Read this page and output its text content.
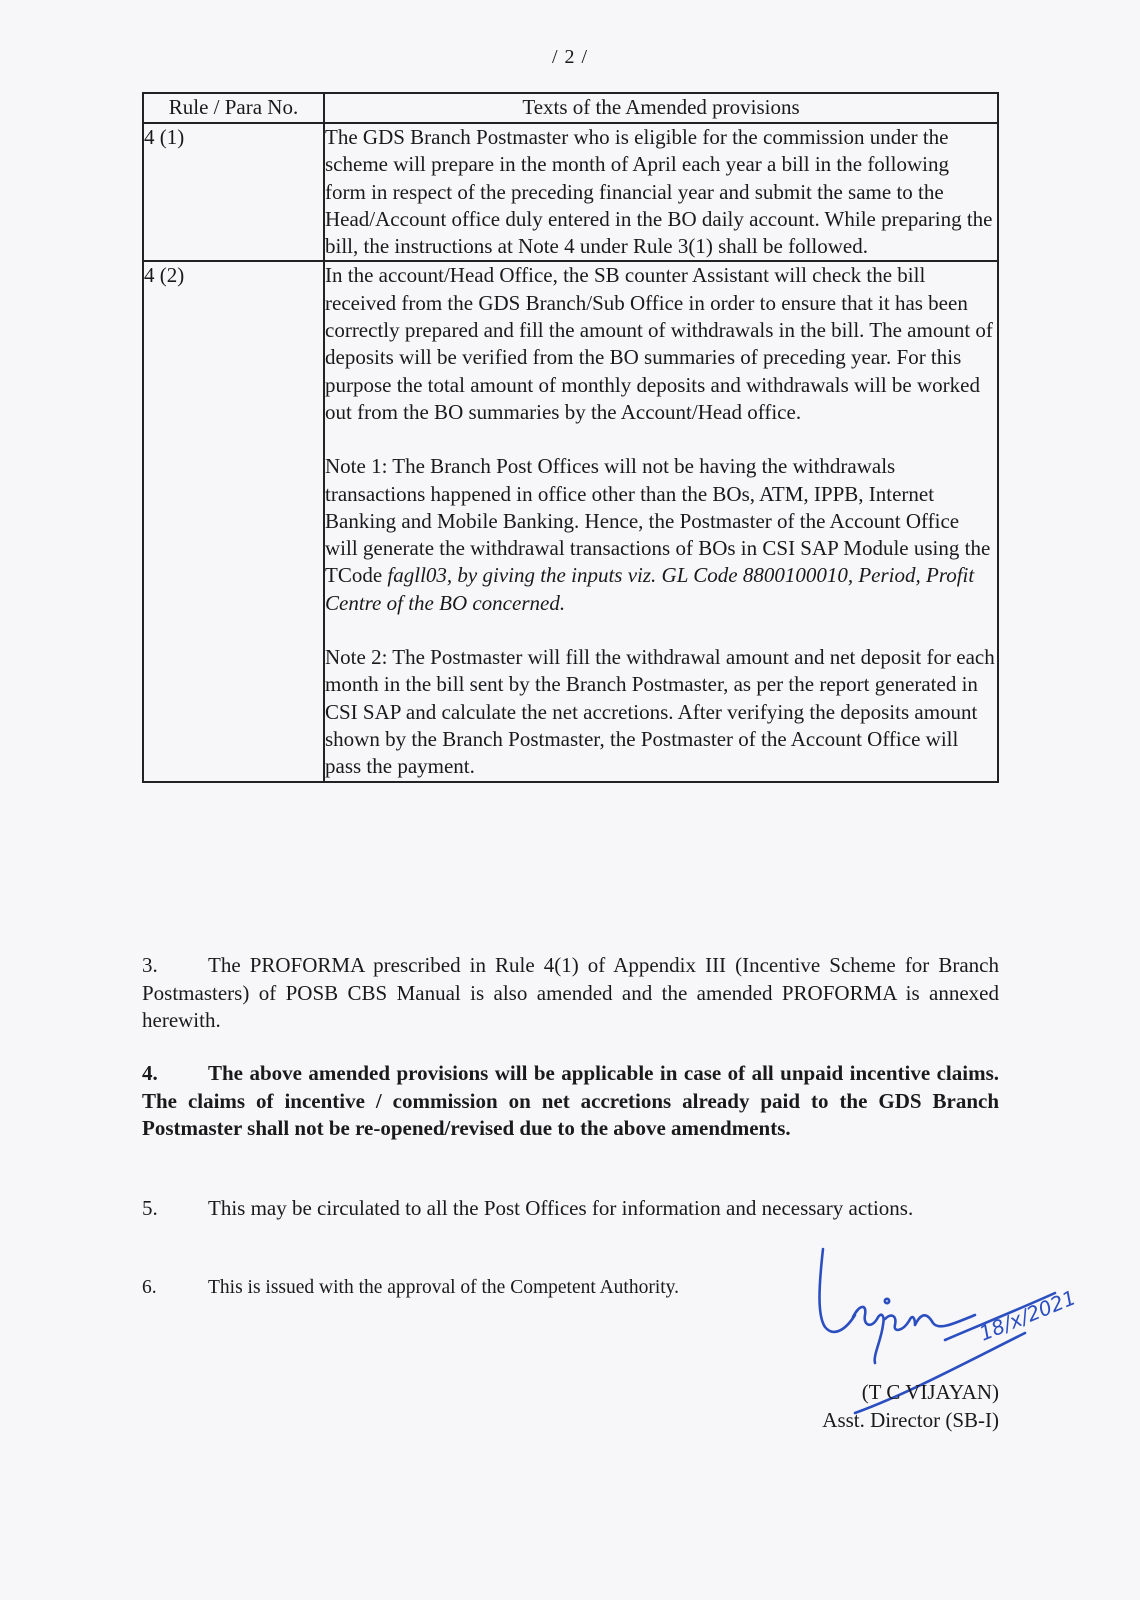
/ 2 /
Rule / Para No.	Texts of the Amended provisions
4 (1)	The GDS Branch Postmaster who is eligible for the commission under the scheme will prepare in the month of April each year a bill in the following form in respect of the preceding financial year and submit the same to the Head/Account office duly entered in the BO daily account. While preparing the bill, the instructions at Note 4 under Rule 3(1) shall be followed.

4 (2)	In the account/Head Office, the SB counter Assistant will check the bill received from the GDS Branch/Sub Office in order to ensure that it has been correctly prepared and fill the amount of withdrawals in the bill. The amount of deposits will be verified from the BO summaries of preceding year. For this purpose the total amount of monthly deposits and withdrawals will be worked out from the BO summaries by the Account/Head office.

Note 1: The Branch Post Offices will not be having the withdrawals transactions happened in office other than the BOs, ATM, IPPB, Internet Banking and Mobile Banking. Hence, the Postmaster of the Account Office will generate the withdrawal transactions of BOs in CSI SAP Module using the TCode fagll03, by giving the inputs viz. GL Code 8800100010, Period, Profit Centre of the BO concerned.

Note 2: The Postmaster will fill the withdrawal amount and net deposit for each month in the bill sent by the Branch Postmaster, as per the report generated in CSI SAP and calculate the net accretions. After verifying the deposits amount shown by the Branch Postmaster, the Postmaster of the Account Office will pass the payment.

3. The PROFORMA prescribed in Rule 4(1) of Appendix III (Incentive Scheme for Branch Postmasters) of POSB CBS Manual is also amended and the amended PROFORMA is annexed herewith.

4. The above amended provisions will be applicable in case of all unpaid incentive claims. The claims of incentive / commission on net accretions already paid to the GDS Branch Postmaster shall not be re-opened/revised due to the above amendments.

5. This may be circulated to all the Post Offices for information and necessary actions.

6.	This is issued with the approval of the Competent Authority.	18/x/2021
(T C VIJAYAN)
Asst. Director (SB-I)
